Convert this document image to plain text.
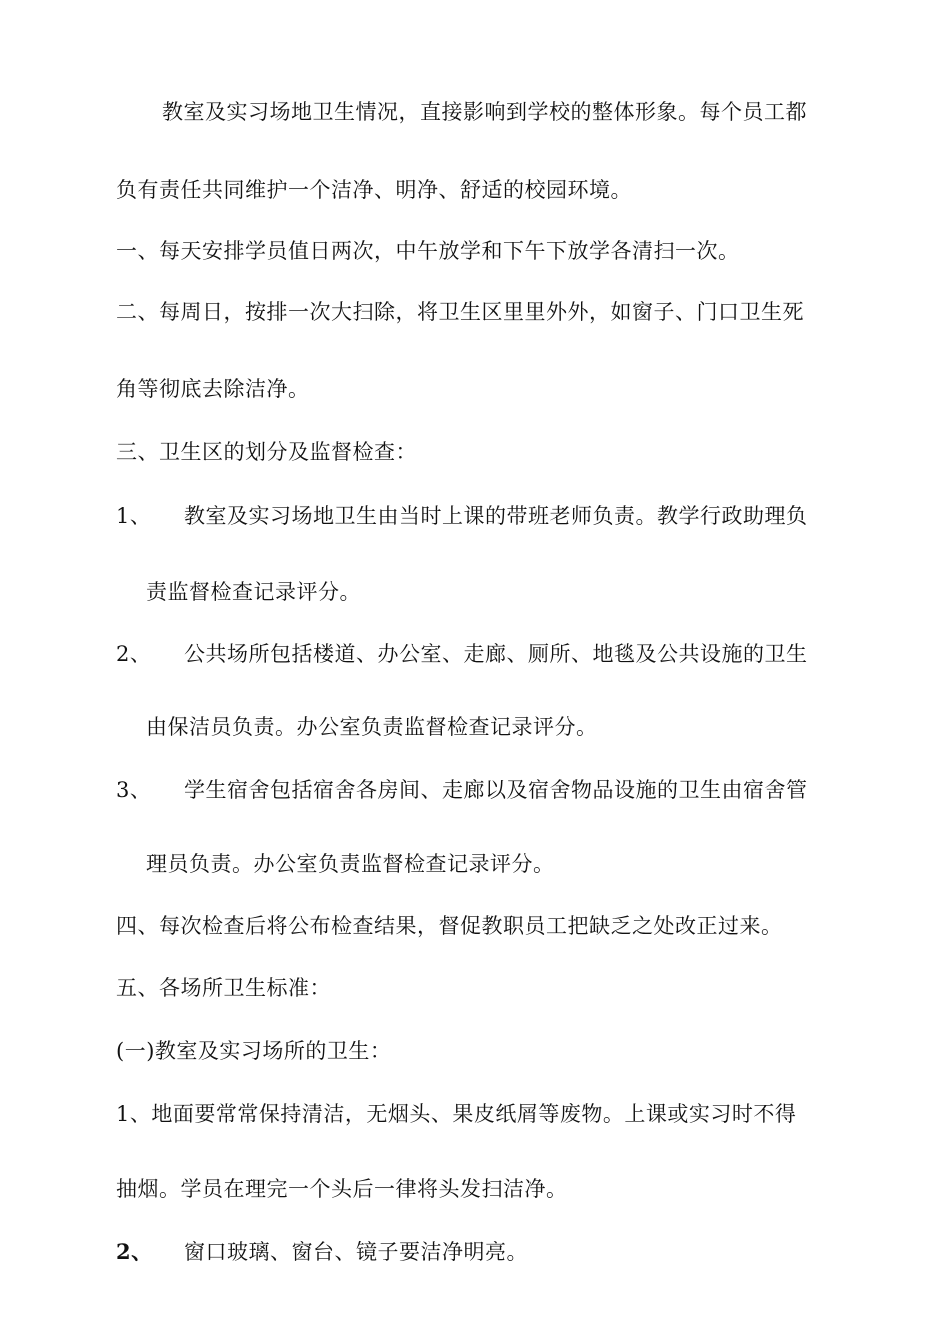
教室及实习场地卫生情况，直接影响到学校的整体形象。每个员工都
负有责任共同维护一个洁净、明净、舒适的校园环境。
一、每天安排学员值日两次，中午放学和下午下放学各清扫一次。
二、每周日，按排一次大扫除，将卫生区里里外外，如窗子、门口卫生死
角等彻底去除洁净。
三、卫生区的划分及监督检查：
1、 教室及实习场地卫生由当时上课的带班老师负责。教学行政助理负
责监督检查记录评分。
2、 公共场所包括楼道、办公室、走廊、厕所、地毯及公共设施的卫生
由保洁员负责。办公室负责监督检查记录评分。
3、 学生宿舍包括宿舍各房间、走廊以及宿舍物品设施的卫生由宿舍管
理员负责。办公室负责监督检查记录评分。
四、每次检查后将公布检查结果，督促教职员工把缺乏之处改正过来。
五、各场所卫生标准：
(一)教室及实习场所的卫生：
1、地面要常常保持清洁，无烟头、果皮纸屑等废物。上课或实习时不得
抽烟。学员在理完一个头后一律将头发扫洁净。
2、 窗口玻璃、窗台、镜子要洁净明亮。
